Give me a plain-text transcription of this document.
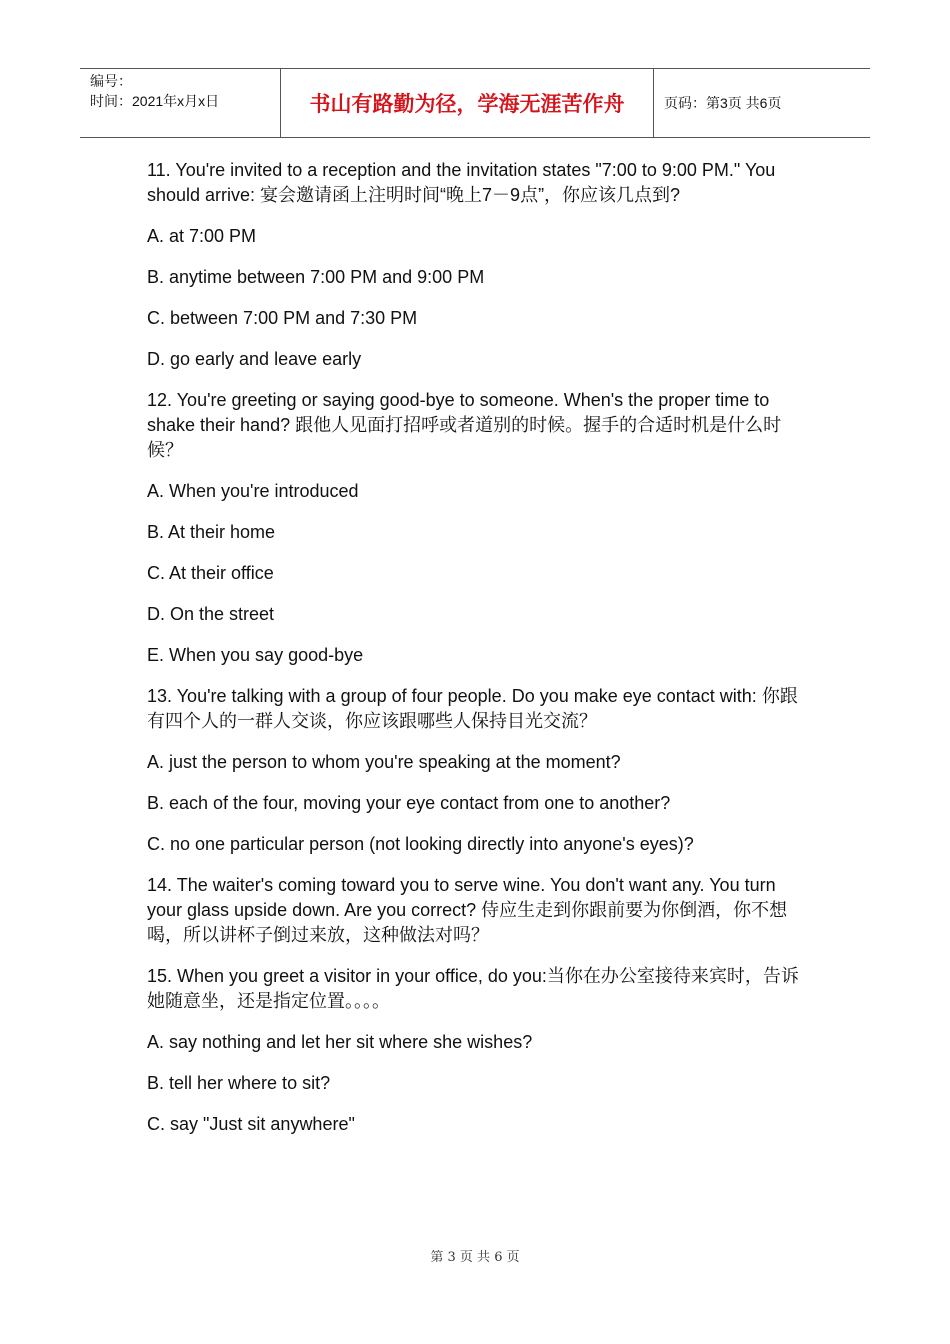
编号：
时间：2021年x月x日	书山有路勤为径，学海无涯苦作舟	页码：第3页 共6页

11. You're invited to a reception and the invitation states "7:00 to 9:00 PM." You should arrive: 宴会邀请函上注明时间“晚上7－9点”，你应该几点到?

A. at 7:00 PM

B. anytime between 7:00 PM and 9:00 PM

C. between 7:00 PM and 7:30 PM

D. go early and leave early

12. You're greeting or saying good-bye to someone. When's the proper time to shake their hand? 跟他人见面打招呼或者道别的时候。握手的合适时机是什么时候？

A. When you're introduced

B. At their home

C. At their office

D. On the street

E. When you say good-bye

13. You're talking with a group of four people. Do you make eye contact with: 你跟有四个人的一群人交谈，你应该跟哪些人保持目光交流？

A. just the person to whom you're speaking at the moment?

B. each of the four, moving your eye contact from one to another?

C. no one particular person (not looking directly into anyone's eyes)?

14. The waiter's coming toward you to serve wine. You don't want any. You turn your glass upside down. Are you correct? 侍应生走到你跟前要为你倒酒，你不想喝，所以讲杯子倒过来放，这种做法对吗？

15. When you greet a visitor in your office, do you:当你在办公室接待来宾时，告诉她随意坐，还是指定位置。。。。

A. say nothing and let her sit where she wishes?

B. tell her where to sit?

C. say "Just sit anywhere"

第 3 页 共 6 页
